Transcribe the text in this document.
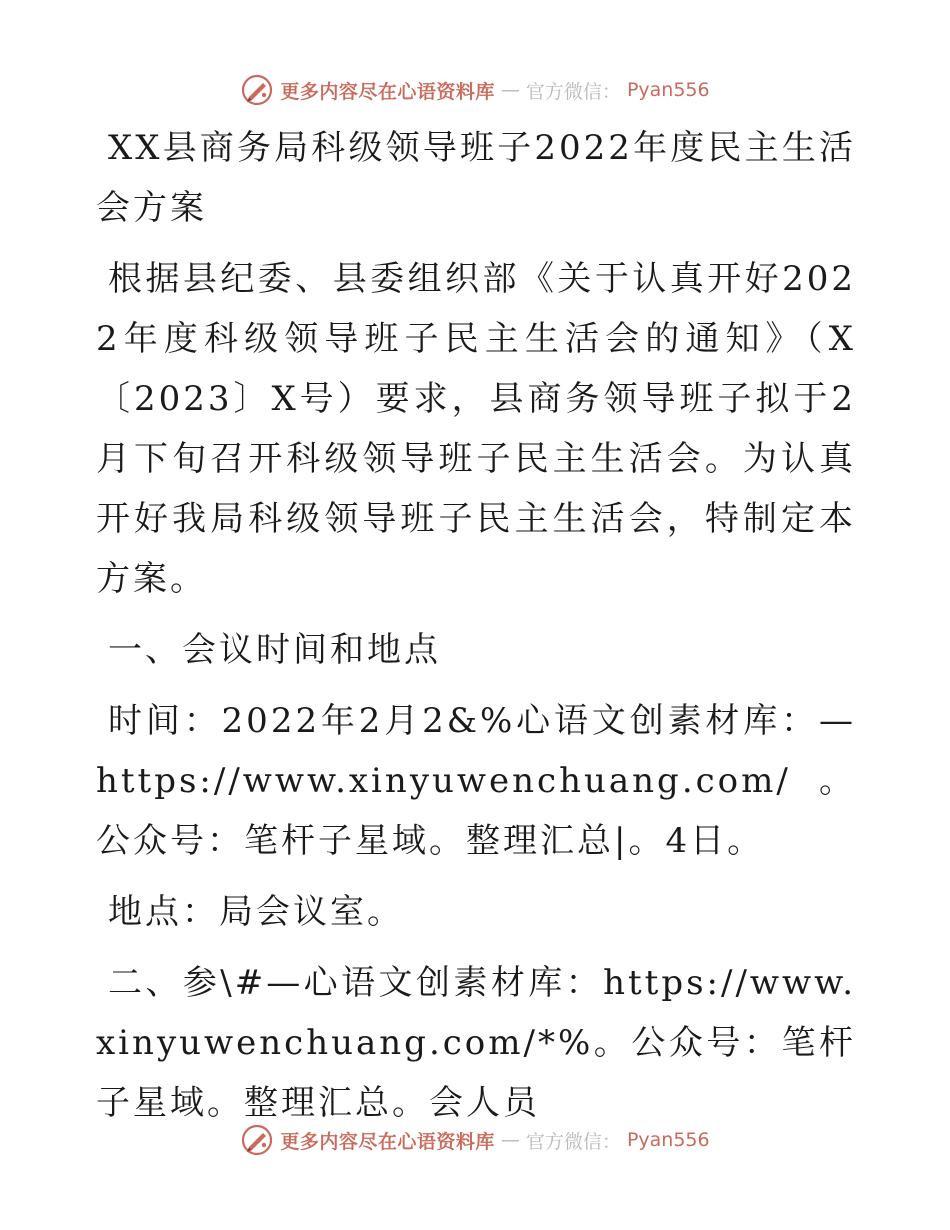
更多内容尽在心语资料库 — 官方微信： Pyan556

XX县商务局科级领导班子2022年度民主生活会方案

根据县纪委、县委组织部《关于认真开好2022年度科级领导班子民主生活会的通知》（X〔2023〕X号）要求，县商务领导班子拟于2月下旬召开科级领导班子民主生活会。为认真开好我局科级领导班子民主生活会，特制定本方案。

一、会议时间和地点

时间：2022年2月2&%心语文创素材库：—https://www.xinyuwenchuang.com/。公众号：笔杆子星域。整理汇总|。4日。

地点：局会议室。

二、参\#—心语文创素材库：https://www.xinyuwenchuang.com/*%。公众号：笔杆子星域。整理汇总。会人员

更多内容尽在心语资料库 — 官方微信： Pyan556
